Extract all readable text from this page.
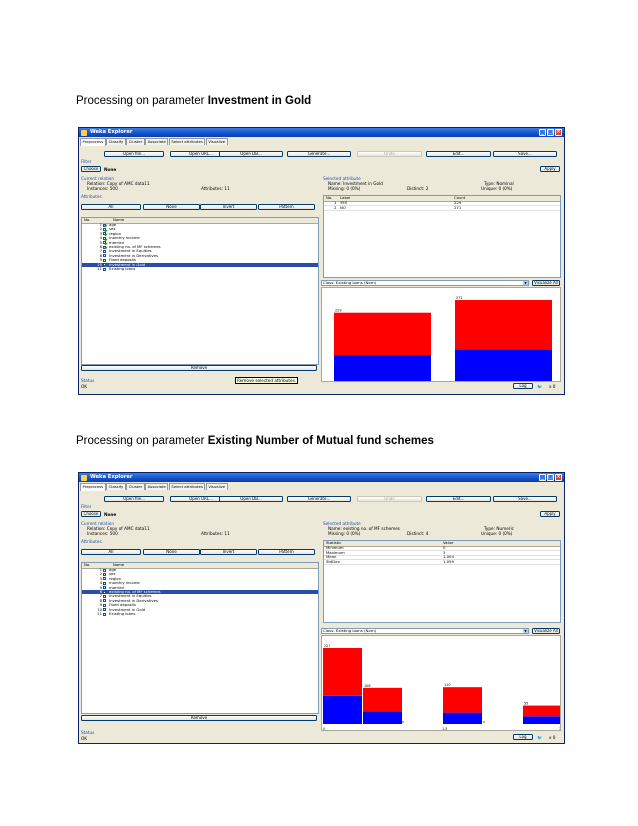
Processing on parameter Investment in Gold
Weka Explorer	_ □ ×
Preprocess	Classify	Cluster	Associate	Select attributes	Visualize
Open file...	Open URL...	Open DB...	Generate...	Undo	Edit...	Save...
Filter
Choose	None	Apply
Current relation
Relation: Copy of AMC data11
Instances: 500	Attributes: 11
Attributes
All	None	Invert	Pattern
No.	Name
1 age
2 sex
3 region
4 monthly income
5 married
6 existing no. of MF schemes
7 Investment in Equities
8 Investment in Derivatives
9 Fixed deposits
10 Investment in Gold
11 Existing loans
Remove
Selected attribute
Name: Investment in Gold
Missing: 0 (0%)	Distinct: 2
Type: Nominal
Unique: 0 (0%)
No. Label	Count
1 YES	229
2 NO	271
Class: Existing loans (Nom)	▼	Visualize All
229
271
Status
OK
Remove selected attributes.
Log	🐦 x 0
Processing on parameter Existing Number of Mutual fund schemes
Weka Explorer	_ □ ×
Preprocess	Classify	Cluster	Associate	Select attributes	Visualize
Open file...	Open URL...	Open DB...	Generate...	Undo	Edit...	Save...
Filter
Choose	None	Apply
Current relation
Relation: Copy of AMC data11
Instances: 500	Attributes: 11
Attributes
All	None	Invert	Pattern
No.	Name
1 age
2 sex
3 region
4 monthly income
5 married
6 existing no. of MF schemes
7 Investment in Equities
8 Investment in Derivatives
9 Fixed deposits
10 Investment in Gold
11 Existing loans
Remove
Selected attribute
Name: existing no. of MF schemes
Missing: 0 (0%)	Distinct: 4
Type: Numeric
Unique: 0 (0%)
Statistic	Value
Minimum	0
Maximum	3
Mean	1.004
StdDev	1.059
Class: Existing loans (Nom)	▼	Visualize All
227
108	110
55
0	1.5	3
0	0
Status
OK	Log	🐦 x 0
